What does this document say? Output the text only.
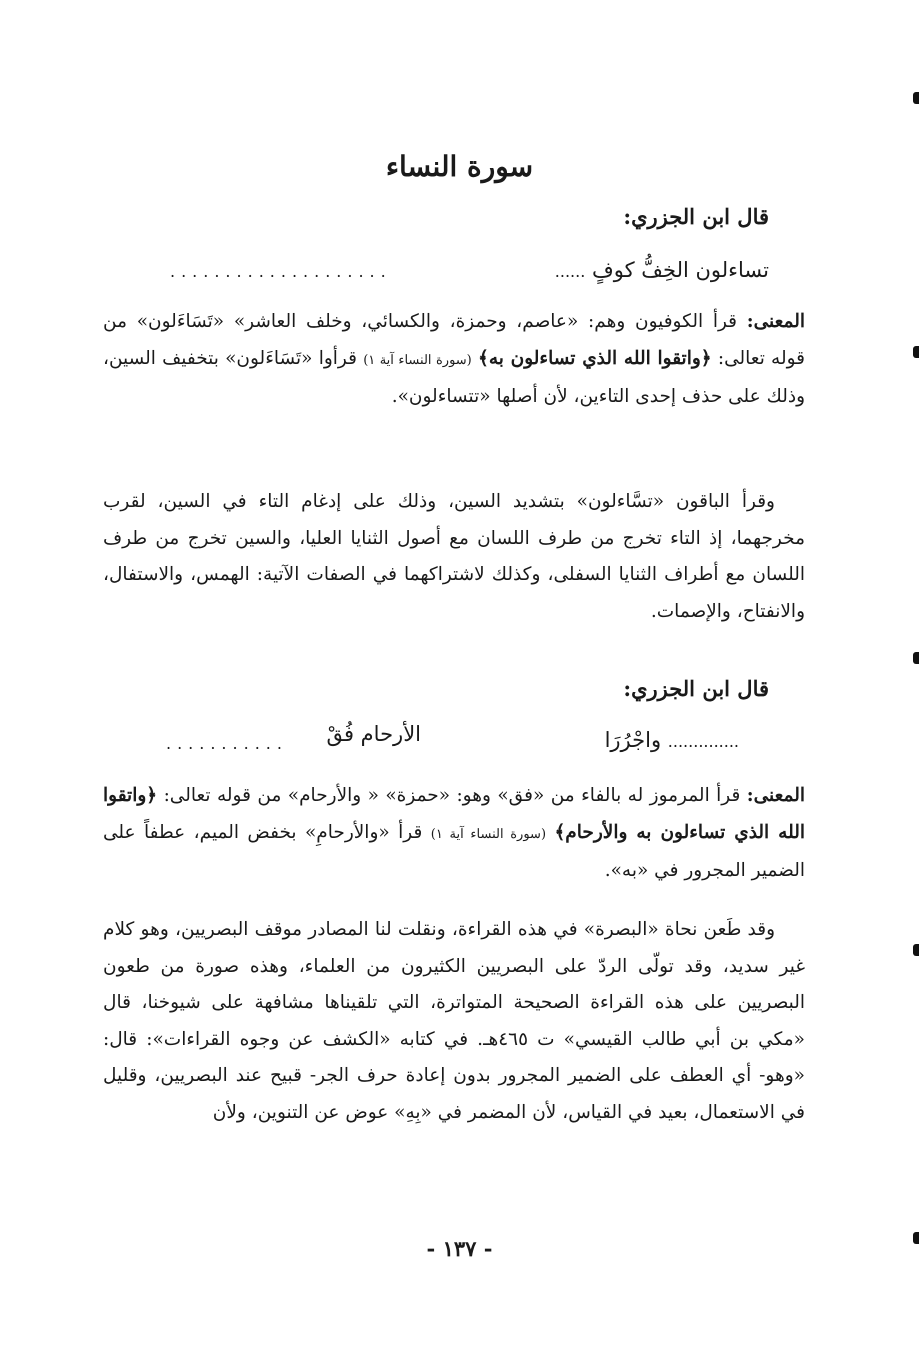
سورة النساء
قال ابن الجزري:
تساءلون الخِفُّ كوفٍ ......
....................
المعنى: قرأ الكوفيون وهم: «عاصم، وحمزة، والكسائي، وخلف العاشر» «تَسَاءَلون» من قوله تعالى: ﴿واتقوا الله الذي تساءلون به﴾ (سورة النساء آية ١) قرأوا «تَسَاءَلون» بتخفيف السين، وذلك على حذف إحدى التاءين، لأن أصلها «تتساءلون».
وقرأ الباقون «تسَّاءلون» بتشديد السين، وذلك على إدغام التاء في السين، لقرب مخرجهما، إذ التاء تخرج من طرف اللسان مع أصول الثنايا العليا، والسين تخرج من طرف اللسان مع أطراف الثنايا السفلى، وكذلك لاشتراكهما في الصفات الآتية: الهمس، والاستفال، والانفتاح، والإصمات.
قال ابن الجزري:
.............. واجْرُرَا
الأرحام فُقْ
...........
المعنى: قرأ المرموز له بالفاء من «فق» وهو: «حمزة» « والأرحام» من قوله تعالى: ﴿واتقوا الله الذي تساءلون به والأرحام﴾ (سورة النساء آية ١) قرأ «والأرحامِ» بخفض الميم، عطفاً على الضمير المجرور في «به».
وقد طَعن نحاة «البصرة» في هذه القراءة، ونقلت لنا المصادر موقف البصريين، وهو كلام غير سديد، وقد تولّى الردّ على البصريين الكثيرون من العلماء، وهذه صورة من طعون البصريين على هذه القراءة الصحيحة المتواترة، التي تلقيناها مشافهة على شيوخنا، قال «مكي بن أبي طالب القيسي» ت ٤٦٥هـ. في كتابه «الكشف عن وجوه القراءات»: قال: «وهو- أي العطف على الضمير المجرور بدون إعادة حرف الجر- قبيح عند البصريين، وقليل في الاستعمال، بعيد في القياس، لأن المضمر في «بِهِ» عوض عن التنوين، ولأن
- ١٣٧ -
